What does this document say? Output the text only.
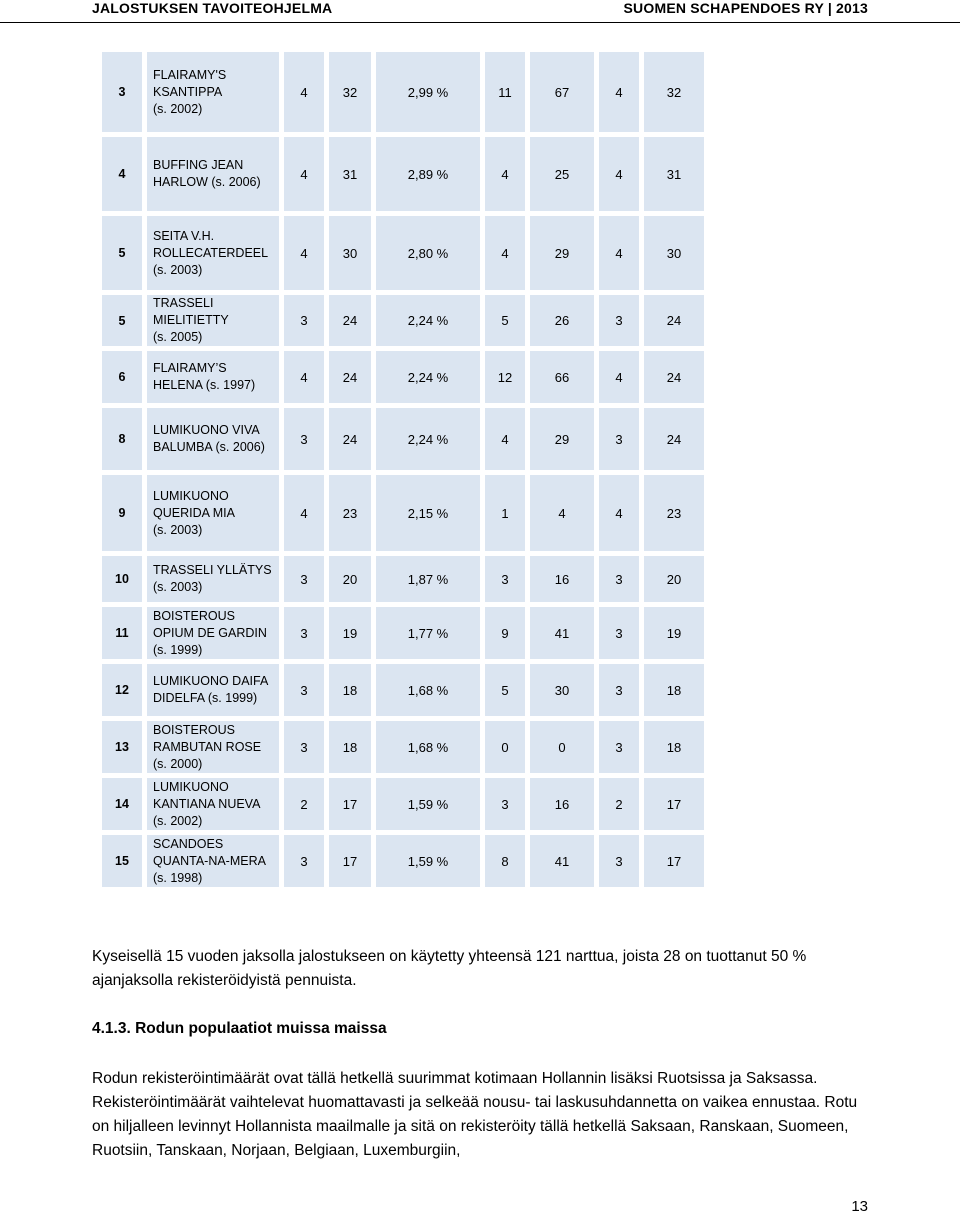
JALOSTUKSEN TAVOITEOHJELMA	SUOMEN SCHAPENDOES RY | 2013
3	FLAIRAMY'S
KSANTIPPA
(s. 2002)	4	32	2,99 %	11	67	4	32
4	BUFFING JEAN
HARLOW (s. 2006)	4	31	2,89 %	4	25	4	31
5	SEITA V.H.
ROLLECATERDEEL
(s. 2003)	4	30	2,80 %	4	29	4	30
5	TRASSELI
MIELITIETTY
(s. 2005)	3	24	2,24 %	5	26	3	24
6	FLAIRAMY’S
HELENA (s. 1997)	4	24	2,24 %	12	66	4	24
8	LUMIKUONO VIVA
BALUMBA (s. 2006)	3	24	2,24 %	4	29	3	24
9	LUMIKUONO
QUERIDA MIA
(s. 2003)	4	23	2,15 %	1	4	4	23
10	TRASSELI YLLÄTYS
(s. 2003)	3	20	1,87 %	3	16	3	20
11	BOISTEROUS
OPIUM DE GARDIN
(s. 1999)	3	19	1,77 %	9	41	3	19
12	LUMIKUONO DAIFA
DIDELFA (s. 1999)	3	18	1,68 %	5	30	3	18
13	BOISTEROUS
RAMBUTAN ROSE
(s. 2000)	3	18	1,68 %	0	0	3	18
14	LUMIKUONO
KANTIANA NUEVA
(s. 2002)	2	17	1,59 %	3	16	2	17
15	SCANDOES
QUANTA-NA-MERA
(s. 1998)	3	17	1,59 %	8	41	3	17
Kyseisellä 15 vuoden jaksolla jalostukseen on käytetty yhteensä 121 narttua, joista 28 on tuottanut 50 % ajanjaksolla rekisteröidyistä pennuista.
4.1.3. Rodun populaatiot muissa maissa
Rodun rekisteröintimäärät ovat tällä hetkellä suurimmat kotimaan Hollannin lisäksi Ruotsissa ja Saksassa. Rekisteröintimäärät vaihtelevat huomattavasti ja selkeää nousu- tai laskusuhdannetta on vaikea ennustaa. Rotu on hiljalleen levinnyt Hollannista maailmalle ja sitä on rekisteröity tällä hetkellä Saksaan, Ranskaan, Suomeen, Ruotsiin, Tanskaan, Norjaan, Belgiaan, Luxemburgiin,
13
